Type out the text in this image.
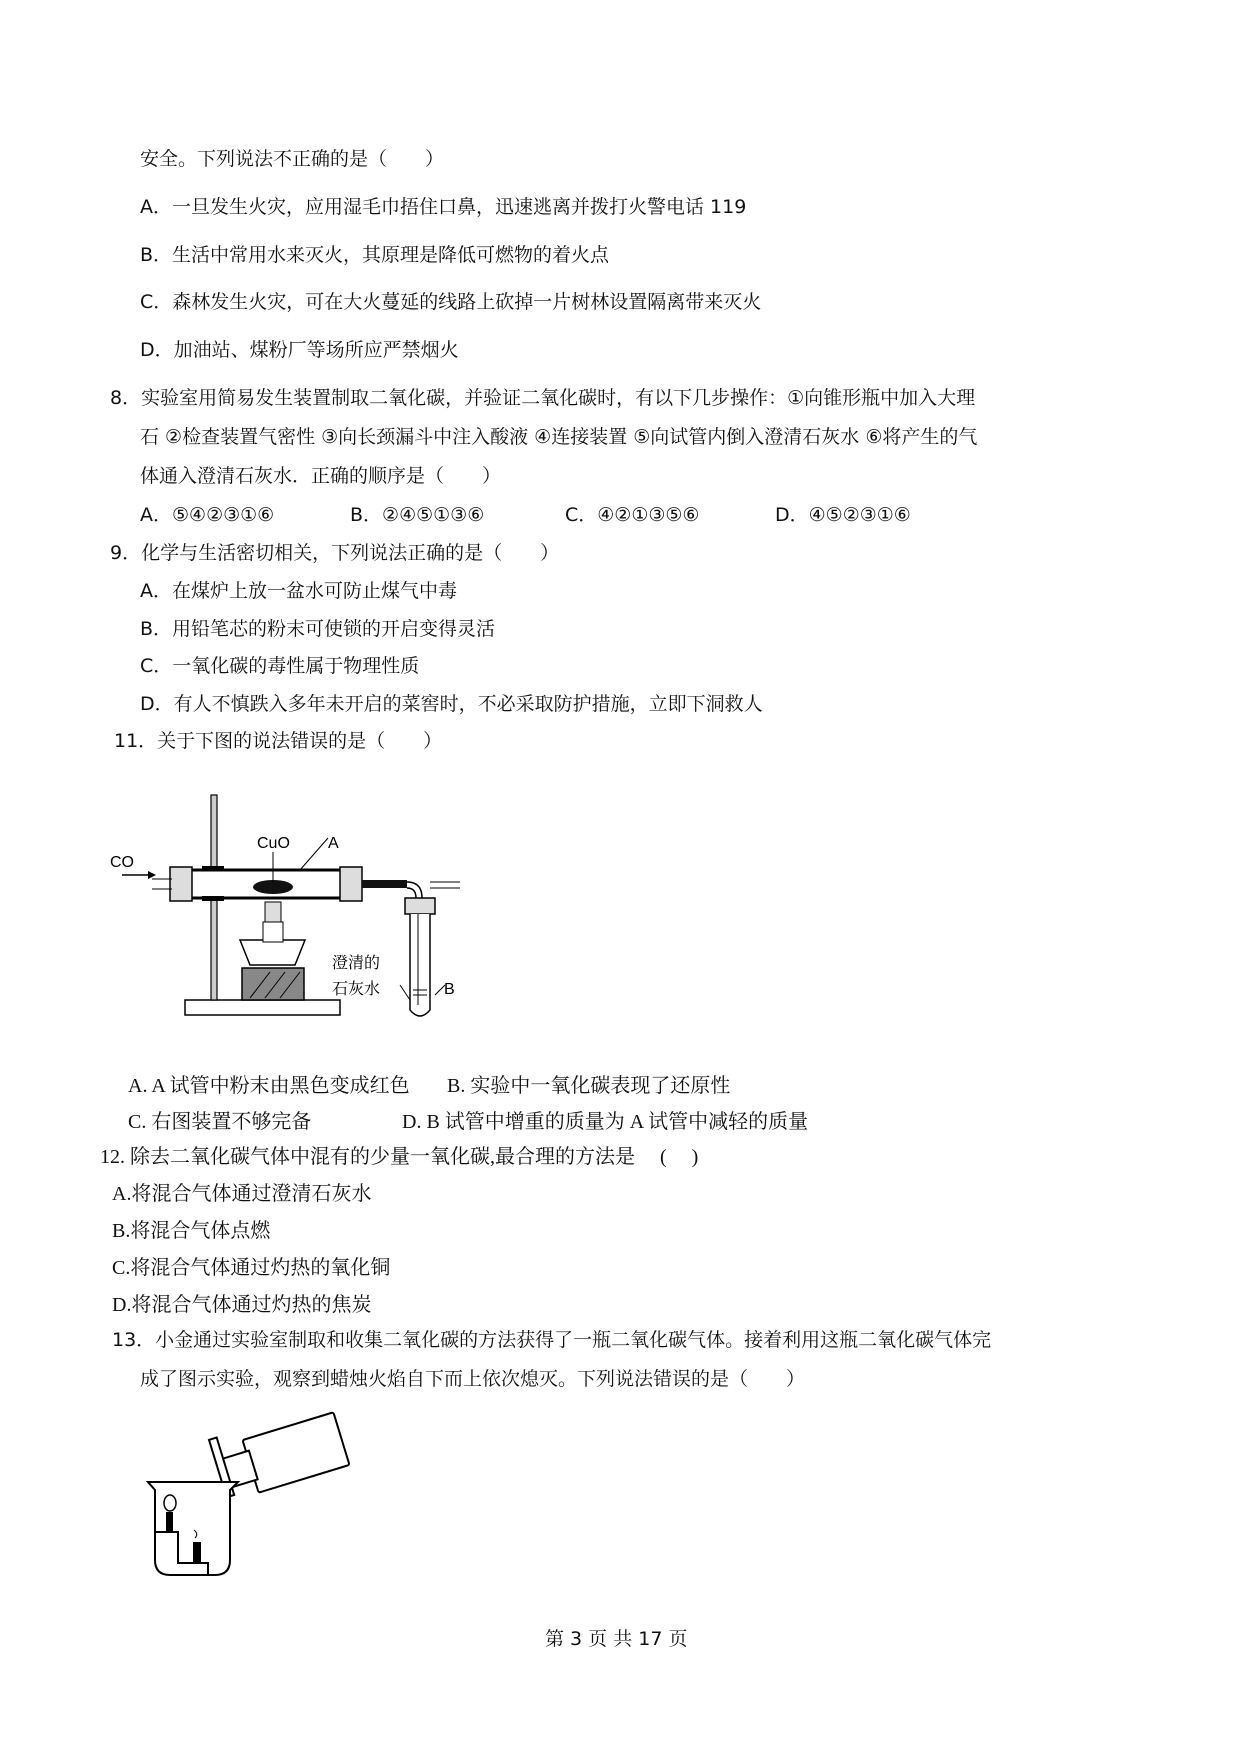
安全。下列说法不正确的是（　　）
A．一旦发生火灾，应用湿毛巾捂住口鼻，迅速逃离并拨打火警电话 119
B．生活中常用水来灭火，其原理是降低可燃物的着火点
C．森林发生火灾，可在大火蔓延的线路上砍掉一片树林设置隔离带来灭火
D．加油站、煤粉厂等场所应严禁烟火
8．实验室用简易发生装置制取二氧化碳，并验证二氧化碳时，有以下几步操作：①向锥形瓶中加入大理
石 ②检查装置气密性 ③向长颈漏斗中注入酸液 ④连接装置 ⑤向试管内倒入澄清石灰水 ⑥将产生的气
体通入澄清石灰水．正确的顺序是（　　）
A．⑤④②③①⑥	B．②④⑤①③⑥	C．④②①③⑤⑥	D．④⑤②③①⑥
9．化学与生活密切相关，下列说法正确的是（　　）
A．在煤炉上放一盆水可防止煤气中毒
B．用铅笔芯的粉末可使锁的开启变得灵活
C．一氧化碳的毒性属于物理性质
D．有人不慎跌入多年未开启的菜窖时，不必采取防护措施，立即下洞救人
11．关于下图的说法错误的是（　　）
CO
CuO A
澄清的
石灰水	B
A. A 试管中粉末由黑色变成红色 B. 实验中一氧化碳表现了还原性
C. 右图装置不够完备	D. B 试管中增重的质量为 A 试管中减轻的质量
12. 除去二氧化碳气体中混有的少量一氧化碳,最合理的方法是　 (　 )
A.将混合气体通过澄清石灰水
B.将混合气体点燃
C.将混合气体通过灼热的氧化铜
D.将混合气体通过灼热的焦炭
13．小金通过实验室制取和收集二氧化碳的方法获得了一瓶二氧化碳气体。接着利用这瓶二氧化碳气体完
成了图示实验，观察到蜡烛火焰自下而上依次熄灭。下列说法错误的是（　　）
第 3 页 共 17 页
